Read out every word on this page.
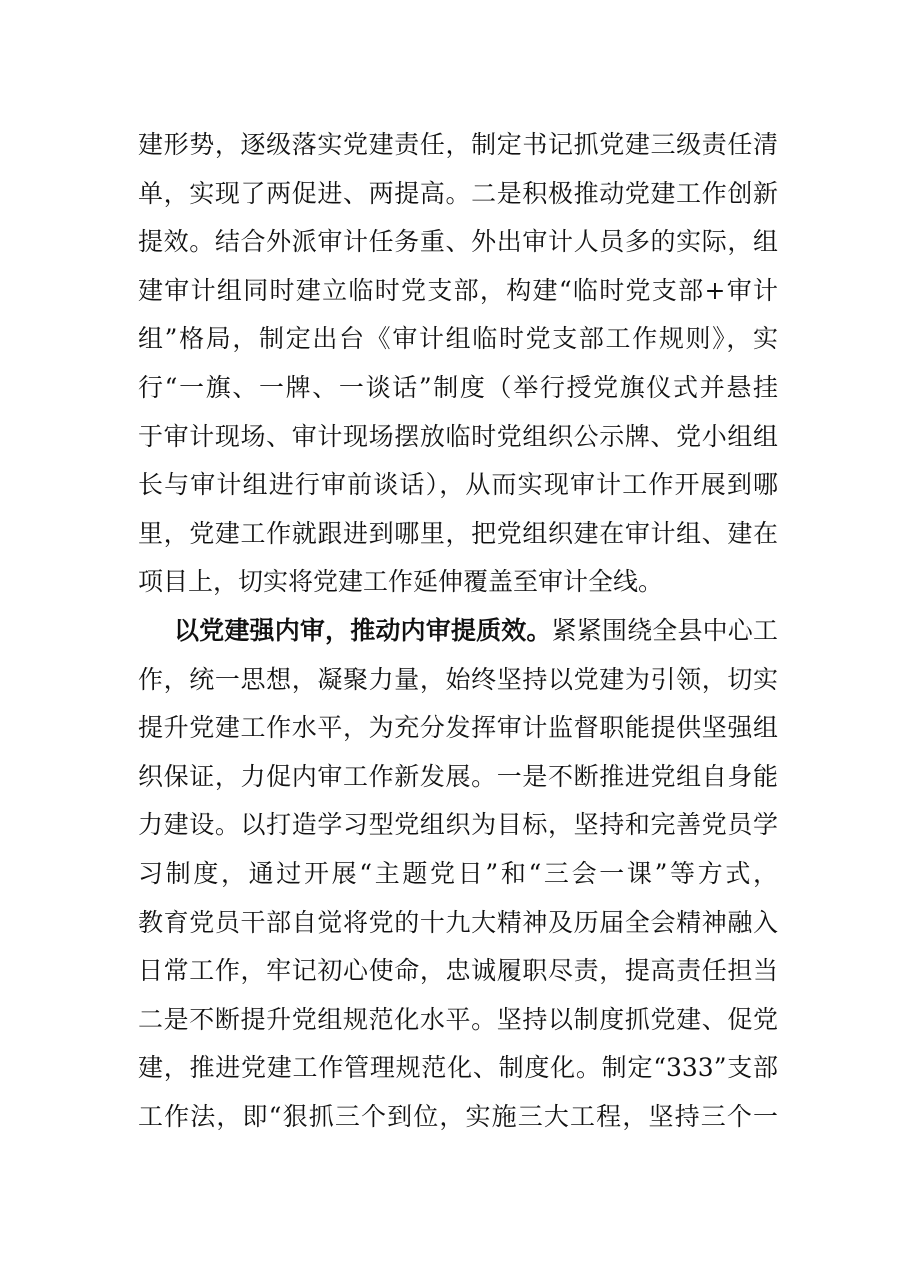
建形势，逐级落实党建责任，制定书记抓党建三级责任清
单，实现了两促进、两提高。二是积极推动党建工作创新
提效。结合外派审计任务重、外出审计人员多的实际，组
建审计组同时建立临时党支部，构建“临时党支部+审计
组”格局，制定出台《审计组临时党支部工作规则》，实
行“一旗、一牌、一谈话”制度（举行授党旗仪式并悬挂
于审计现场、审计现场摆放临时党组织公示牌、党小组组
长与审计组进行审前谈话），从而实现审计工作开展到哪
里，党建工作就跟进到哪里，把党组织建在审计组、建在
项目上，切实将党建工作延伸覆盖至审计全线。
以党建强内审，推动内审提质效。紧紧围绕全县中心工
作，统一思想，凝聚力量，始终坚持以党建为引领，切实
提升党建工作水平，为充分发挥审计监督职能提供坚强组
织保证，力促内审工作新发展。一是不断推进党组自身能
力建设。以打造学习型党组织为目标，坚持和完善党员学
习制度，通过开展“主题党日”和“三会一课”等方式，
教育党员干部自觉将党的十九大精神及历届全会精神融入
日常工作，牢记初心使命，忠诚履职尽责，提高责任担当
二是不断提升党组规范化水平。坚持以制度抓党建、促党
建，推进党建工作管理规范化、制度化。制定“333”支部
工作法，即“狠抓三个到位，实施三大工程，坚持三个一
